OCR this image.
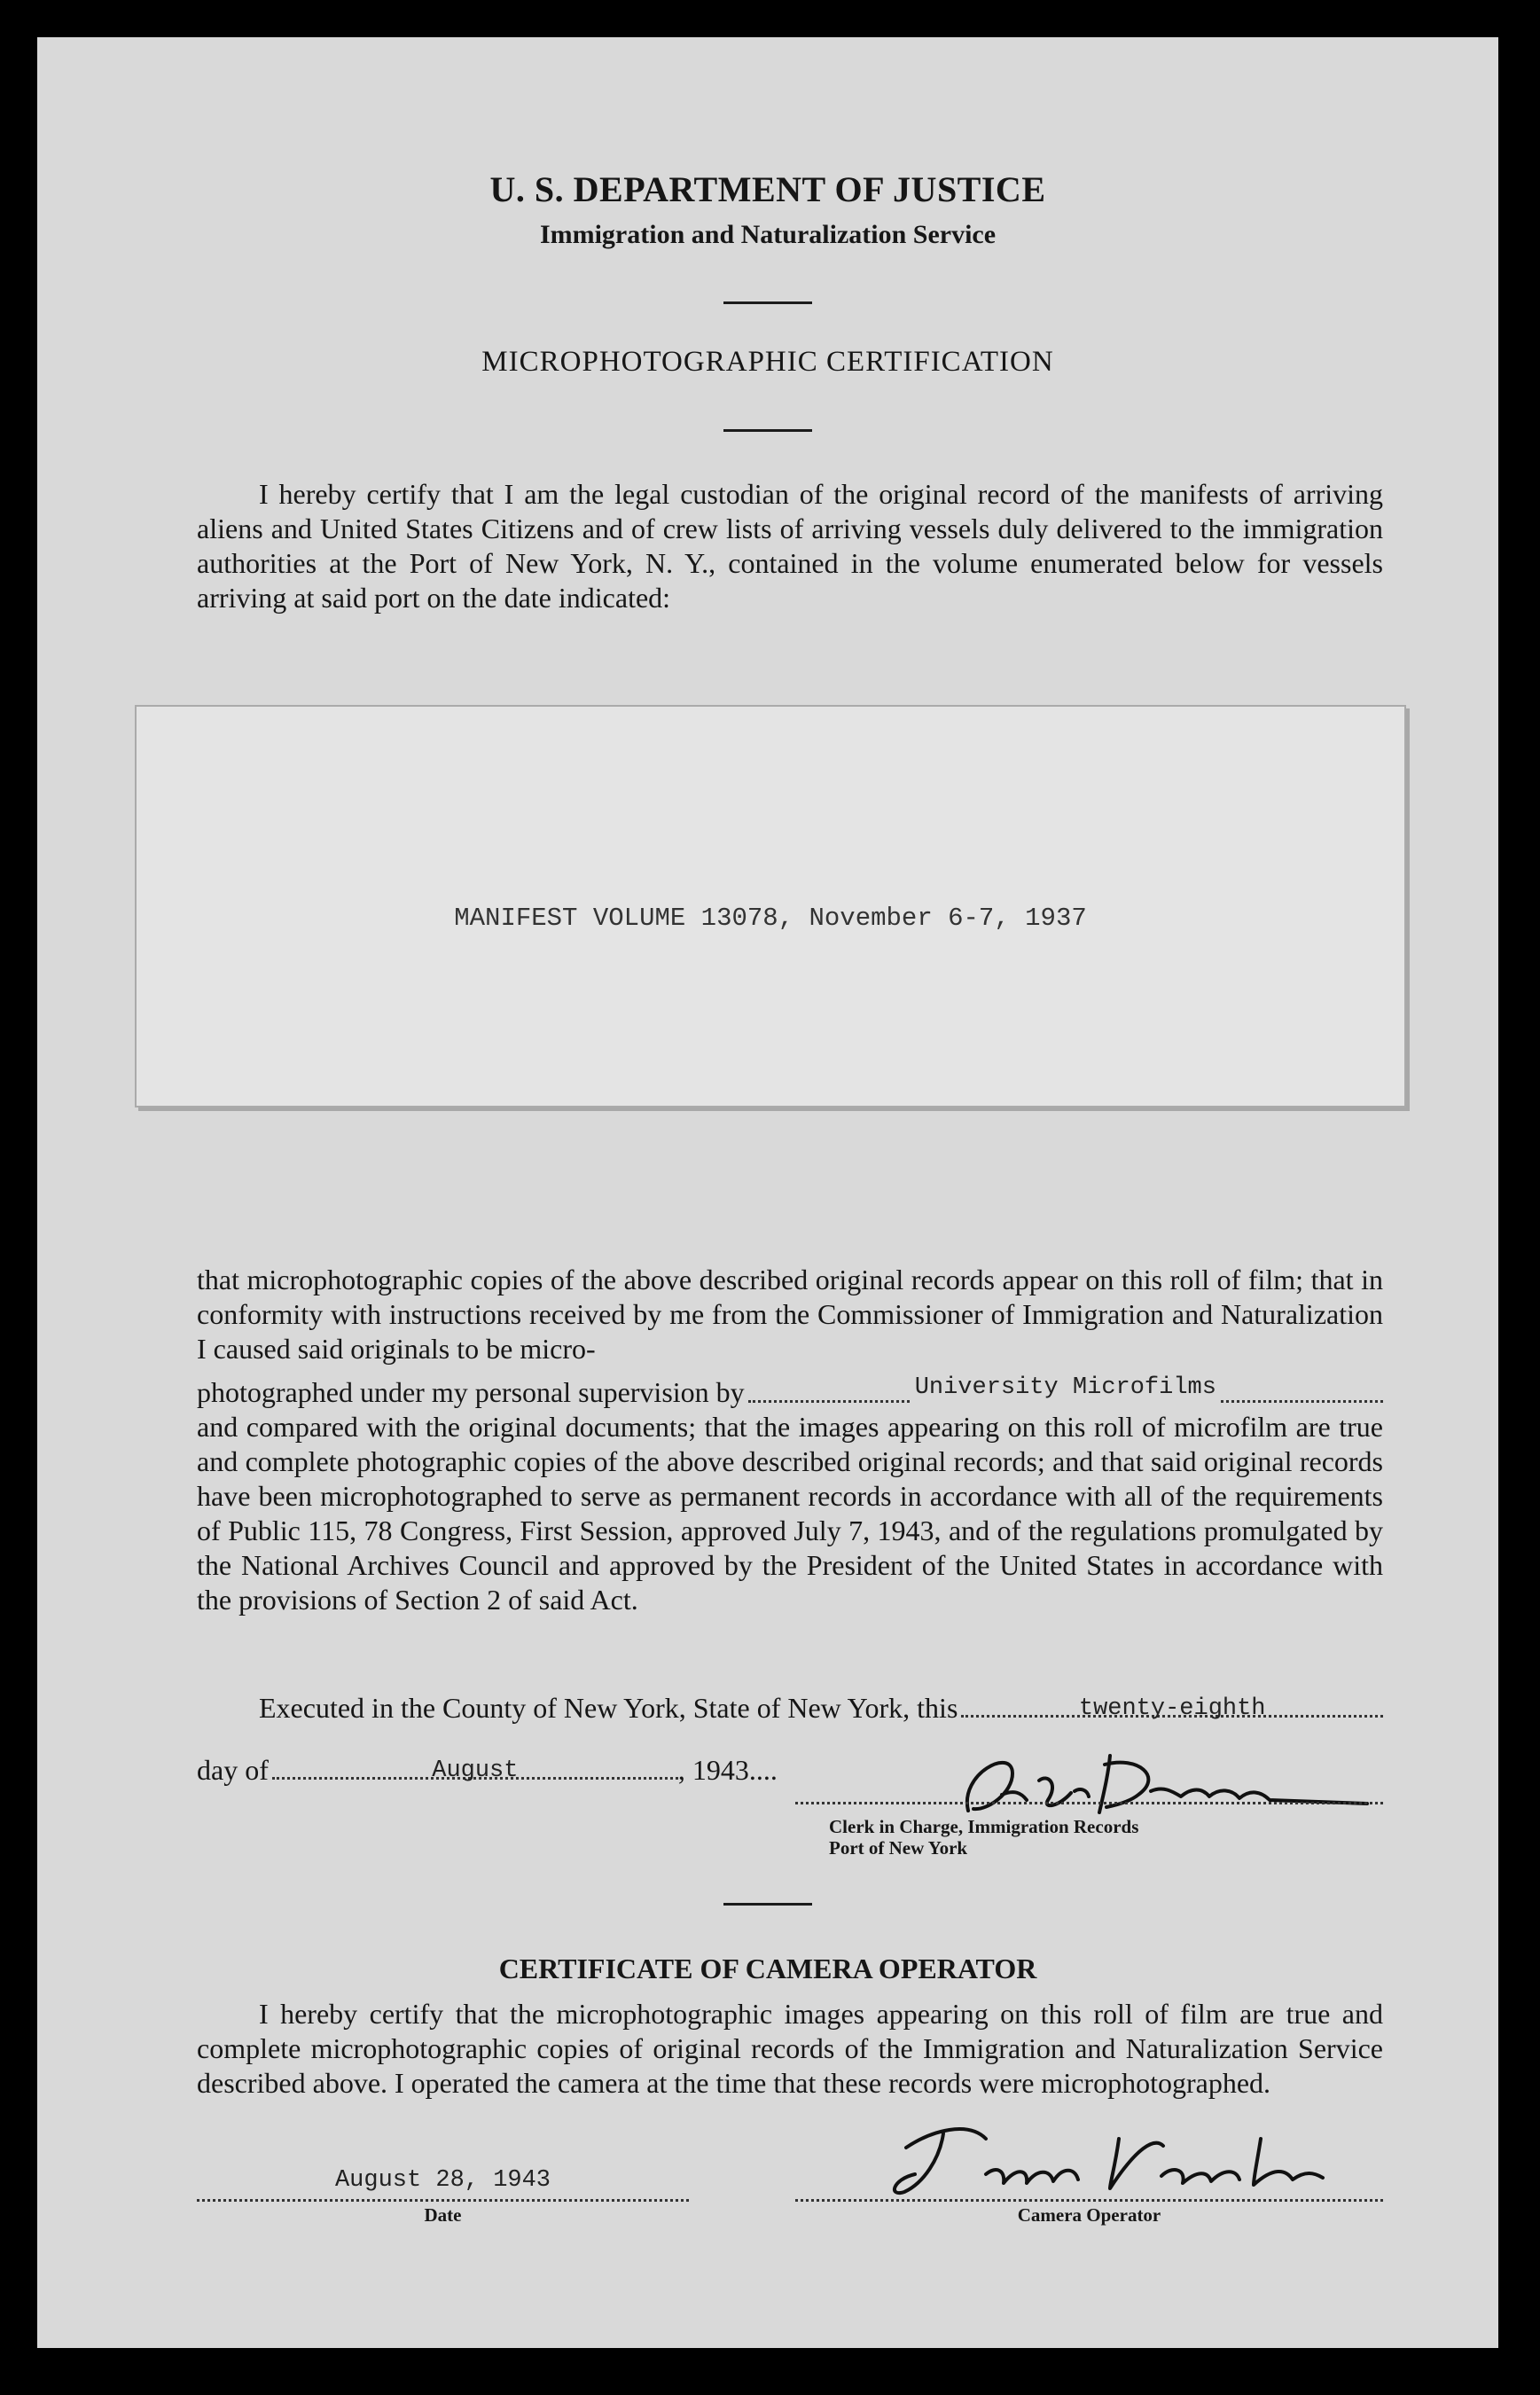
U. S. DEPARTMENT OF JUSTICE
Immigration and Naturalization Service
MICROPHOTOGRAPHIC CERTIFICATION
I hereby certify that I am the legal custodian of the original record of the manifests of arriving aliens and United States Citizens and of crew lists of arriving vessels duly delivered to the immigration authorities at the Port of New York, N. Y., contained in the volume enumerated below for vessels arriving at said port on the date indicated:
MANIFEST VOLUME 13078, November 6-7, 1937

that microphotographic copies of the above described original records appear on this roll of film; that in conformity with instructions received by me from the Commissioner of Immigration and Naturalization I caused said originals to be micro-

photographed under my personal supervision by	University Microfilms

and compared with the original documents; that the images appearing on this roll of microfilm are true and complete photographic copies of the above described original records; and that said original records have been microphotographed to serve as permanent records in accordance with all of the requirements of Public 115, 78 Congress, First Session, approved July 7, 1943, and of the regulations promulgated by the National Archives Council and approved by the President of the United States in accordance with the provisions of Section 2 of said Act.

Executed in the County of New York, State of New York, this	twenty-eighth
day of	August	, 1943....
Clerk in Charge, Immigration Records
Port of New York
CERTIFICATE OF CAMERA OPERATOR
I hereby certify that the microphotographic images appearing on this roll of film are true and complete microphotographic copies of original records of the Immigration and Naturalization Service described above. I operated the camera at the time that these records were microphotographed.
August 28, 1943
Date	Camera Operator
